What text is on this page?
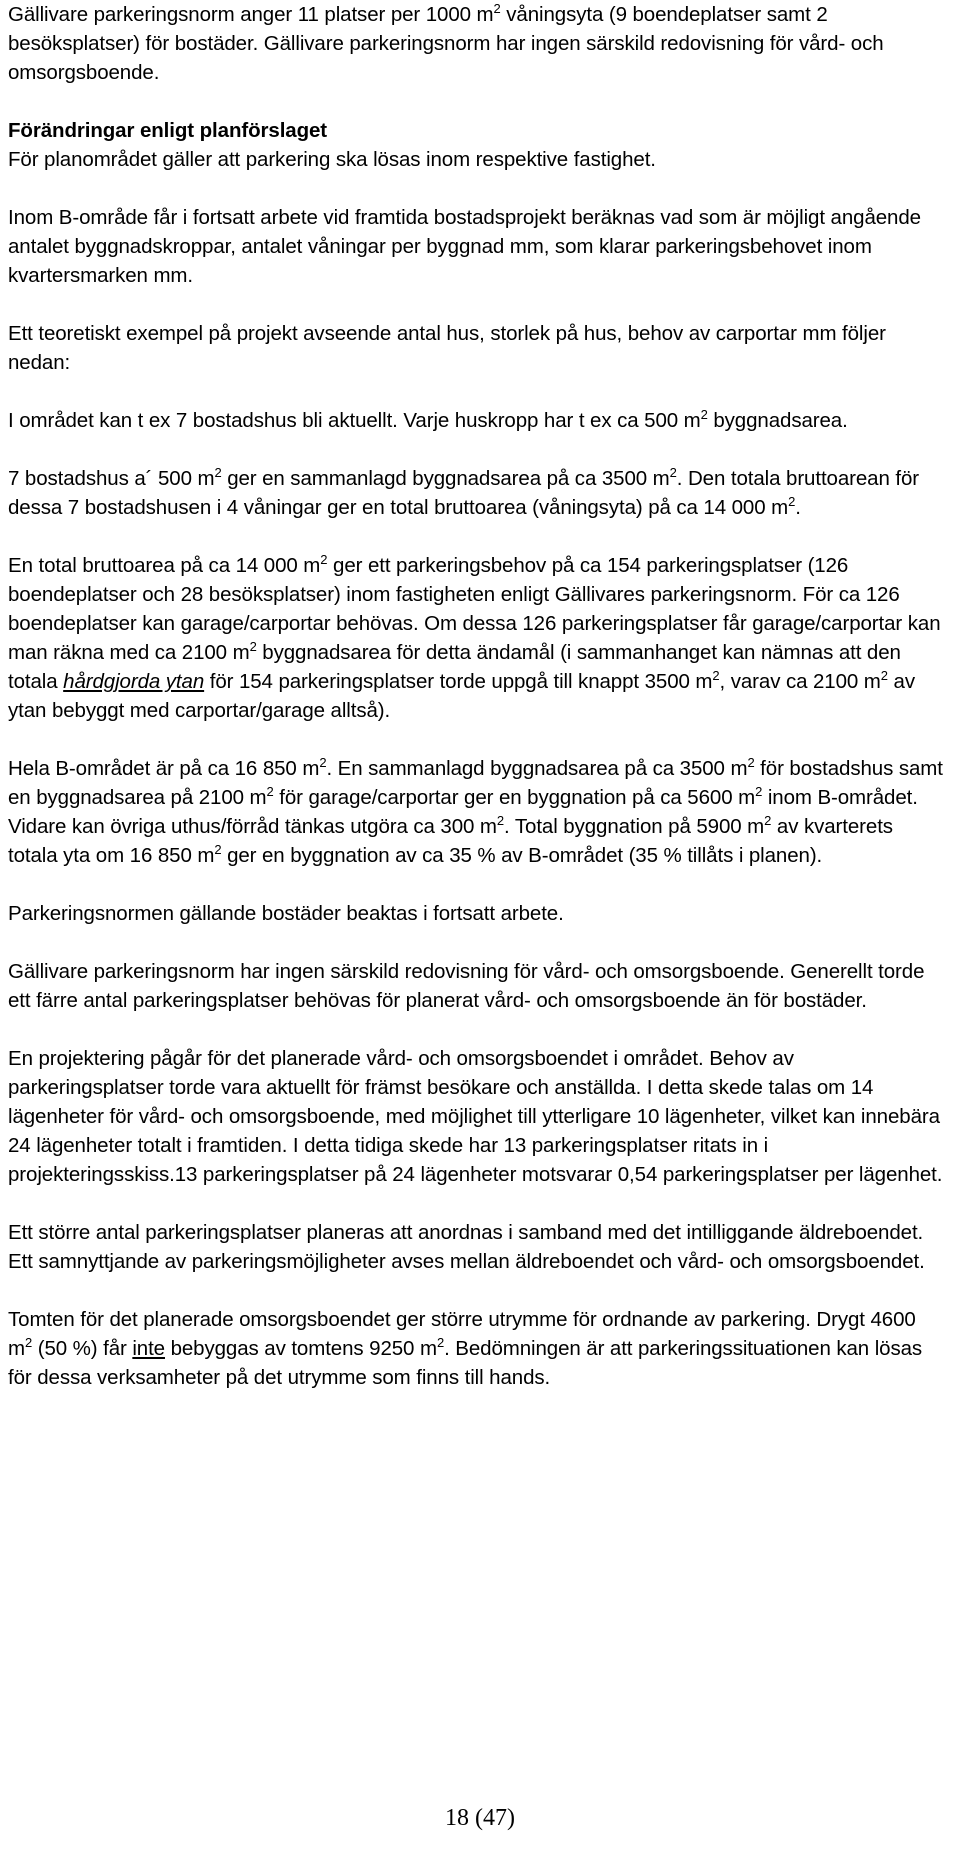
Gällivare parkeringsnorm anger 11 platser per 1000 $m^2$ våningsyta (9 boendeplatser samt 2 besöksplatser) för bostäder. Gällivare parkeringsnorm har ingen särskild redovisning för vård- och omsorgsboende.

Förändringar enligt planförslaget

För planområdet gäller att parkering ska lösas inom respektive fastighet.

Inom B-område får i fortsatt arbete vid framtida bostadsprojekt beräknas vad som är möjligt angående antalet byggnadskroppar, antalet våningar per byggnad mm, som klarar parkeringsbehovet inom kvartersmarken mm.

Ett teoretiskt exempel på projekt avseende antal hus, storlek på hus, behov av carportar mm följer nedan:

I området kan t ex 7 bostadshus bli aktuellt. Varje huskropp har t ex ca 500 $m^2$ byggnadsarea.

7 bostadshus a´ 500 $m^2$ ger en sammanlagd byggnadsarea på ca 3500 $m^2$. Den totala bruttoarean för dessa 7 bostadshusen i 4 våningar ger en total bruttoarea (våningsyta) på ca 14 000 $m^2$.

En total bruttoarea på ca 14 000 $m^2$ ger ett parkeringsbehov på ca 154 parkeringsplatser (126 boendeplatser och 28 besöksplatser) inom fastigheten enligt Gällivares parkeringsnorm. För ca 126 boendeplatser kan garage/carportar behövas. Om dessa 126 parkeringsplatser får garage/carportar kan man räkna med ca 2100 $m^2$ byggnadsarea för detta ändamål (i sammanhanget kan nämnas att den totala hårdgjorda ytan för 154 parkeringsplatser torde uppgå till knappt 3500 $m^2$, varav ca 2100 $m^2$ av ytan bebyggt med carportar/garage alltså).

Hela B-området är på ca 16 850 $m^2$. En sammanlagd byggnadsarea på ca 3500 $m^2$ för bostadshus samt en byggnadsarea på 2100 $m^2$ för garage/carportar ger en byggnation på ca 5600 $m^2$ inom B-området. Vidare kan övriga uthus/förråd tänkas utgöra ca 300 $m^2$. Total byggnation på 5900 $m^2$ av kvarterets totala yta om 16 850 $m^2$ ger en byggnation av ca 35 % av B-området (35 % tillåts i planen).

Parkeringsnormen gällande bostäder beaktas i fortsatt arbete.

Gällivare parkeringsnorm har ingen särskild redovisning för vård- och omsorgsboende. Generellt torde ett färre antal parkeringsplatser behövas för planerat vård- och omsorgsboende än för bostäder.

En projektering pågår för det planerade vård- och omsorgsboendet i området. Behov av parkeringsplatser torde vara aktuellt för främst besökare och anställda. I detta skede talas om 14 lägenheter för vård- och omsorgsboende, med möjlighet till ytterligare 10 lägenheter, vilket kan innebära 24 lägenheter totalt i framtiden. I detta tidiga skede har 13 parkeringsplatser ritats in i projekteringsskiss.13 parkeringsplatser på 24 lägenheter motsvarar 0,54 parkeringsplatser per lägenhet.

Ett större antal parkeringsplatser planeras att anordnas i samband med det intilliggande äldreboendet. Ett samnyttjande av parkeringsmöjligheter avses mellan äldreboendet och vård- och omsorgsboendet.

Tomten för det planerade omsorgsboendet ger större utrymme för ordnande av parkering. Drygt 4600 $m^2$ (50 %) får inte bebyggas av tomtens 9250 $m^2$. Bedömningen är att parkeringssituationen kan lösas för dessa verksamheter på det utrymme som finns till hands.

18 (47)
